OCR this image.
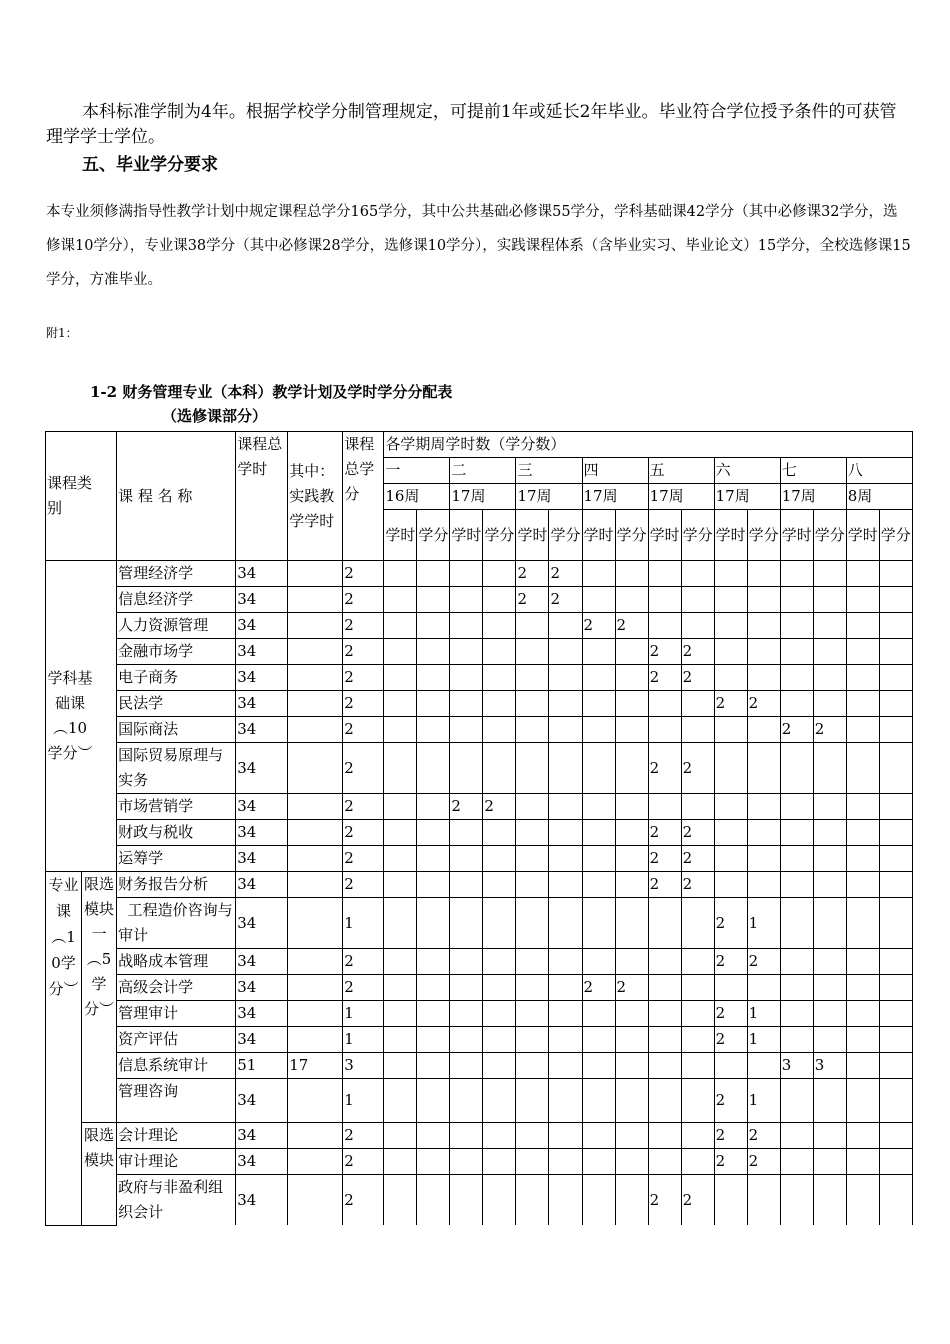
本科标准学制为4年。根据学校学分制管理规定，可提前1年或延长2年毕业。毕业符合学位授予条件的可获管理学学士学位。

五、毕业学分要求

本专业须修满指导性教学计划中规定课程总学分165学分，其中公共基础必修课55学分，学科基础课42学分（其中必修课32学分，选修课10学分），专业课38学分（其中必修课28学分，选修课10学分），实践课程体系（含毕业实习、毕业论文）15学分，全校选修课15学分，方准毕业。

附1：

1-2 财务管理专业（本科）教学计划及学时学分分配表

（选修课部分）

课程类别		课 程 名 称	课程总学时	其中：实践教学学时	课程总学分	各学期周学时数（学分数）															
						一		二		三		四		五		六		七		八	
						16周		17周		17周		17周		17周		17周		17周		8周	
						学时	学分	学时	学分	学时	学分	学时	学分	学时	学分	学时	学分	学时	学分	学时	学分
学科基础课︵10学分︶		管理经济学	34		2					2	2										
		信息经济学	34		2					2	2										
		人力资源管理	34		2							2	2								
		金融市场学	34		2									2	2						
		电子商务	34		2									2	2						
		民法学	34		2											2	2				
		国际商法	34		2													2	2		
		国际贸易原理与实务	34		2									2	2						
		市场营销学	34		2			2	2												
		财政与税收	34		2									2	2						
		运筹学	34		2									2	2						
专业课︵10学分︶	限选模块一︵5学分︶	财务报告分析	34		2									2	2						
		工程造价咨询与审计	34		1											2	1				
		战略成本管理	34		2											2	2				
		高级会计学	34		2							2	2								
		管理审计	34		1											2	1				
		资产评估	34		1											2	1				
		信息系统审计	51	17	3													3	3		
		管理咨询	34		1											2	1				
	限选模块	会计理论	34		2											2	2				
		审计理论	34		2											2	2				
		政府与非盈利组织会计	34		2									2	2						
